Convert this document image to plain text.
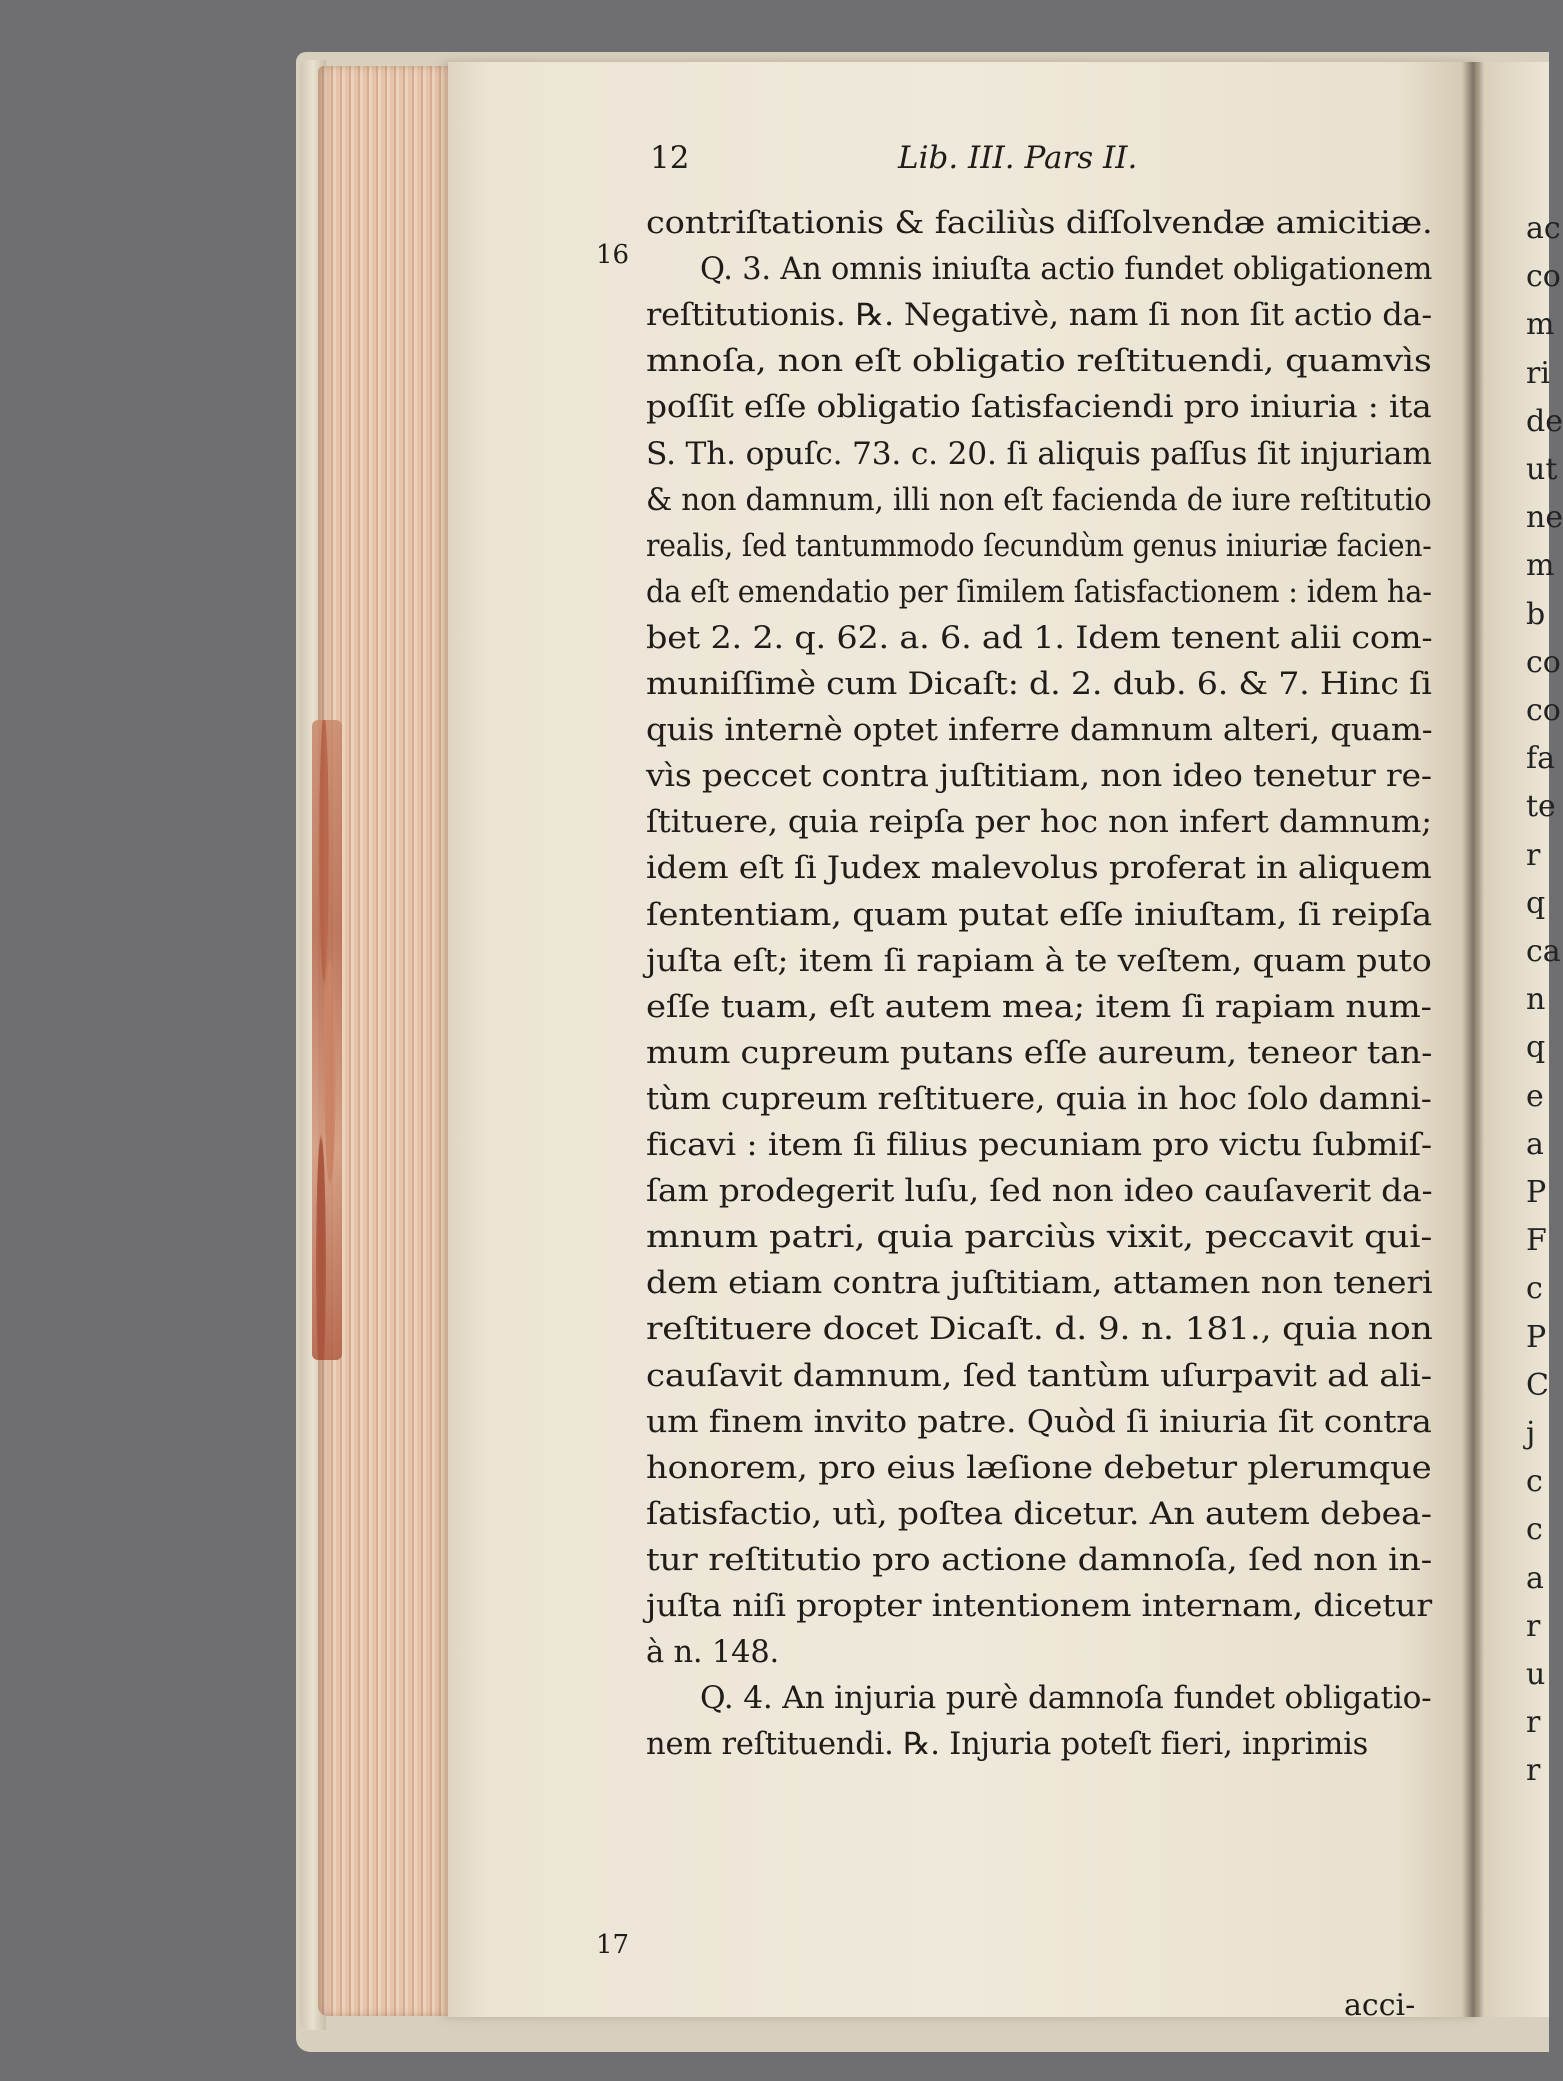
ac
co
m
ri
de
ut
ne
m
b
co
co
fa
te
r
q
ca
n
q
e
a
P
F
c
P
C
j
c
c
a
r
u
r
r
12	Lib. III. Pars II.
16
17
contriſtationis & faciliùs diſſolvendæ amicitiæ.
Q. 3. An omnis iniuſta actio fundet obligationem
reſtitutionis. ℞. Negativè, nam ſi non ſit actio da-
mnoſa, non eſt obligatio reſtituendi, quamvìs
poſſit eſſe obligatio ſatisfaciendi pro iniuria : ita
S. Th. opuſc. 73. c. 20. ſi aliquis paſſus ſit injuriam
& non damnum, illi non eſt facienda de iure reſtitutio
realis, ſed tantummodo ſecundùm genus iniuriæ facien-
da eſt emendatio per ſimilem ſatisfactionem : idem ha-
bet 2. 2. q. 62. a. 6. ad 1. Idem tenent alii com-
muniſſimè cum Dicaſt: d. 2. dub. 6. & 7. Hinc ſi
quis internè optet inferre damnum alteri, quam-
vìs peccet contra juſtitiam, non ideo tenetur re-
ſtituere, quia reipſa per hoc non infert damnum;
idem eſt ſi Judex malevolus proferat in aliquem
ſententiam, quam putat eſſe iniuſtam, ſi reipſa
juſta eſt; item ſi rapiam à te veſtem, quam puto
eſſe tuam, eſt autem mea; item ſi rapiam num-
mum cupreum putans eſſe aureum, teneor tan-
tùm cupreum reſtituere, quia in hoc ſolo damni-
ficavi : item ſi filius pecuniam pro victu ſubmiſ-
ſam prodegerit luſu, ſed non ideo cauſaverit da-
mnum patri, quia parciùs vixit, peccavit qui-
dem etiam contra juſtitiam, attamen non teneri
reſtituere docet Dicaſt. d. 9. n. 181., quia non
cauſavit damnum, ſed tantùm uſurpavit ad ali-
um finem invito patre. Quòd ſi iniuria ſit contra
honorem, pro eius læſione debetur plerumque
ſatisfactio, utì, poſtea dicetur. An autem debea-
tur reſtitutio pro actione damnoſa, ſed non in-
juſta niſi propter intentionem internam, dicetur
à n. 148.
Q. 4. An injuria purè damnoſa fundet obligatio-
nem reſtituendi. ℞. Injuria poteſt fieri, inprimis
acci-
